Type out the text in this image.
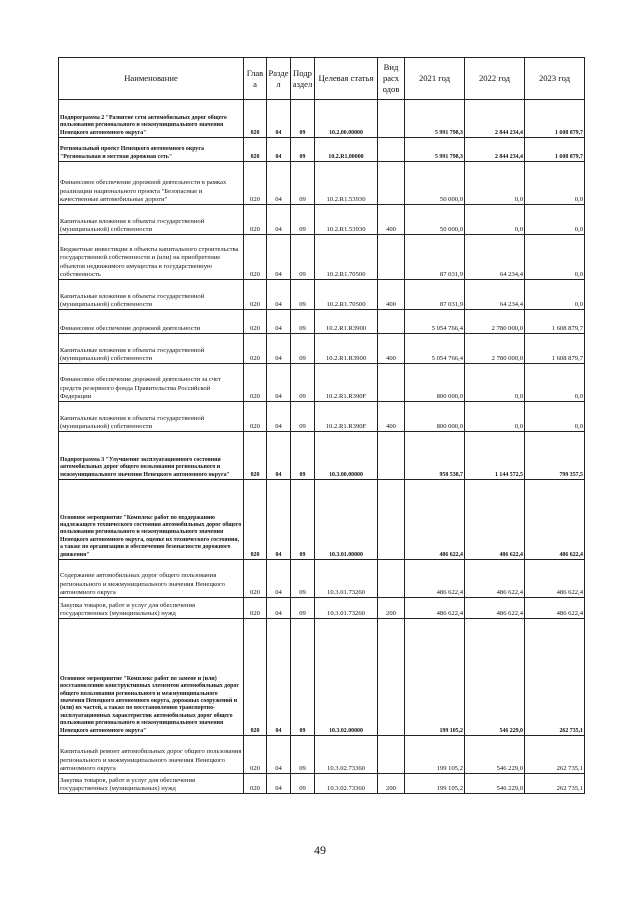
Наименование	Глав а	Разде л	Подр аздел	Целевая статья	Вид расх одов	2021 год	2022 год	2023 год
Подпрограмма 2 "Развитие сети автомобильных дорог общего пользования регионального и межмуниципального значения Ненецкого автономного округа"	020	04	09	10.2.00.00000		5 991 798,3	2 844 234,4	1 608 879,7
Региональный проект Ненецкого автономного округа "Региональная и местная дорожная сеть"	020	04	09	10.2.R1.00000		5 991 798,3	2 844 234,4	1 608 879,7
Финансовое обеспечение дорожной деятельности в рамках реализации национального проекта "Безопасные и качественные автомобильные дороги"	020	04	09	10.2.R1.53930		50 000,0	0,0	0,0
Капитальные вложения в объекты государственной (муниципальной) собственности	020	04	09	10.2.R1.53930	400	50 000,0	0,0	0,0
Бюджетные инвестиции в объекты капитального строительства государственной собственности и (или) на приобретение объектов недвижимого имущества в государственную собственность	020	04	09	10.2.R1.70500		87 031,9	64 234,4	0,0
Капитальные вложения в объекты государственной (муниципальной) собственности	020	04	09	10.2.R1.70500	400	87 031,9	64 234,4	0,0
Финансовое обеспечение дорожной деятельности	020	04	09	10.2.R1.R3900		5 054 766,4	2 780 000,0	1 608 879,7
Капитальные вложения в объекты государственной (муниципальной) собственности	020	04	09	10.2.R1.R3900	400	5 054 766,4	2 780 000,0	1 608 879,7
Финансовое обеспечение дорожной деятельности за счет средств резервного фонда Правительства Российской Федерации	020	04	09	10.2.R1.R390F		800 000,0	0,0	0,0
Капитальные вложения в объекты государственной (муниципальной) собственности	020	04	09	10.2.R1.R390F	400	800 000,0	0,0	0,0
Подпрограмма 3 "Улучшение эксплуатационного состояния автомобильных дорог общего пользования регионального и межмуниципального значения Ненецкого автономного округа"	020	04	09	10.3.00.00000		958 538,7	1 144 572,5	799 357,5
Основное мероприятие "Комплекс работ по поддержанию надлежащего технического состояния автомобильных дорог общего пользования регионального и межмуниципального значения Ненецкого автономного округа, оценке их технического состояния, а также по организации и обеспечению безопасности дорожного движения"	020	04	09	10.3.01.00000		486 622,4	486 622,4	486 622,4
Содержание автомобильных дорог общего пользования регионального и межмуниципального значения Ненецкого автономного округа	020	04	09	10.3.01.73260		486 622,4	486 622,4	486 622,4
Закупка товаров, работ и услуг для обеспечения государственных (муниципальных) нужд	020	04	09	10.3.01.73260	200	486 622,4	486 622,4	486 622,4
Основное мероприятие "Комплекс работ по замене и (или) восстановлению конструктивных элементов автомобильных дорог общего пользования регионального и межмуниципального значения Ненецкого автономного округа, дорожных сооружений и (или) их частей, а также по восстановлению транспортно-эксплуатационных характеристик автомобильных дорог общего пользования регионального и межмуниципального значения Ненецкого автономного округа"	020	04	09	10.3.02.00000		199 105,2	546 229,0	262 735,1
Капитальный ремонт автомобильных дорог общего пользования регионального и межмуниципального значения Ненецкого автономного округа	020	04	09	10.3.02.73360		199 105,2	546 229,0	262 735,1
Закупка товаров, работ и услуг для обеспечения государственных (муниципальных) нужд	020	04	09	10.3.02.73360	200	199 105,2	546 229,0	262 735,1
49
